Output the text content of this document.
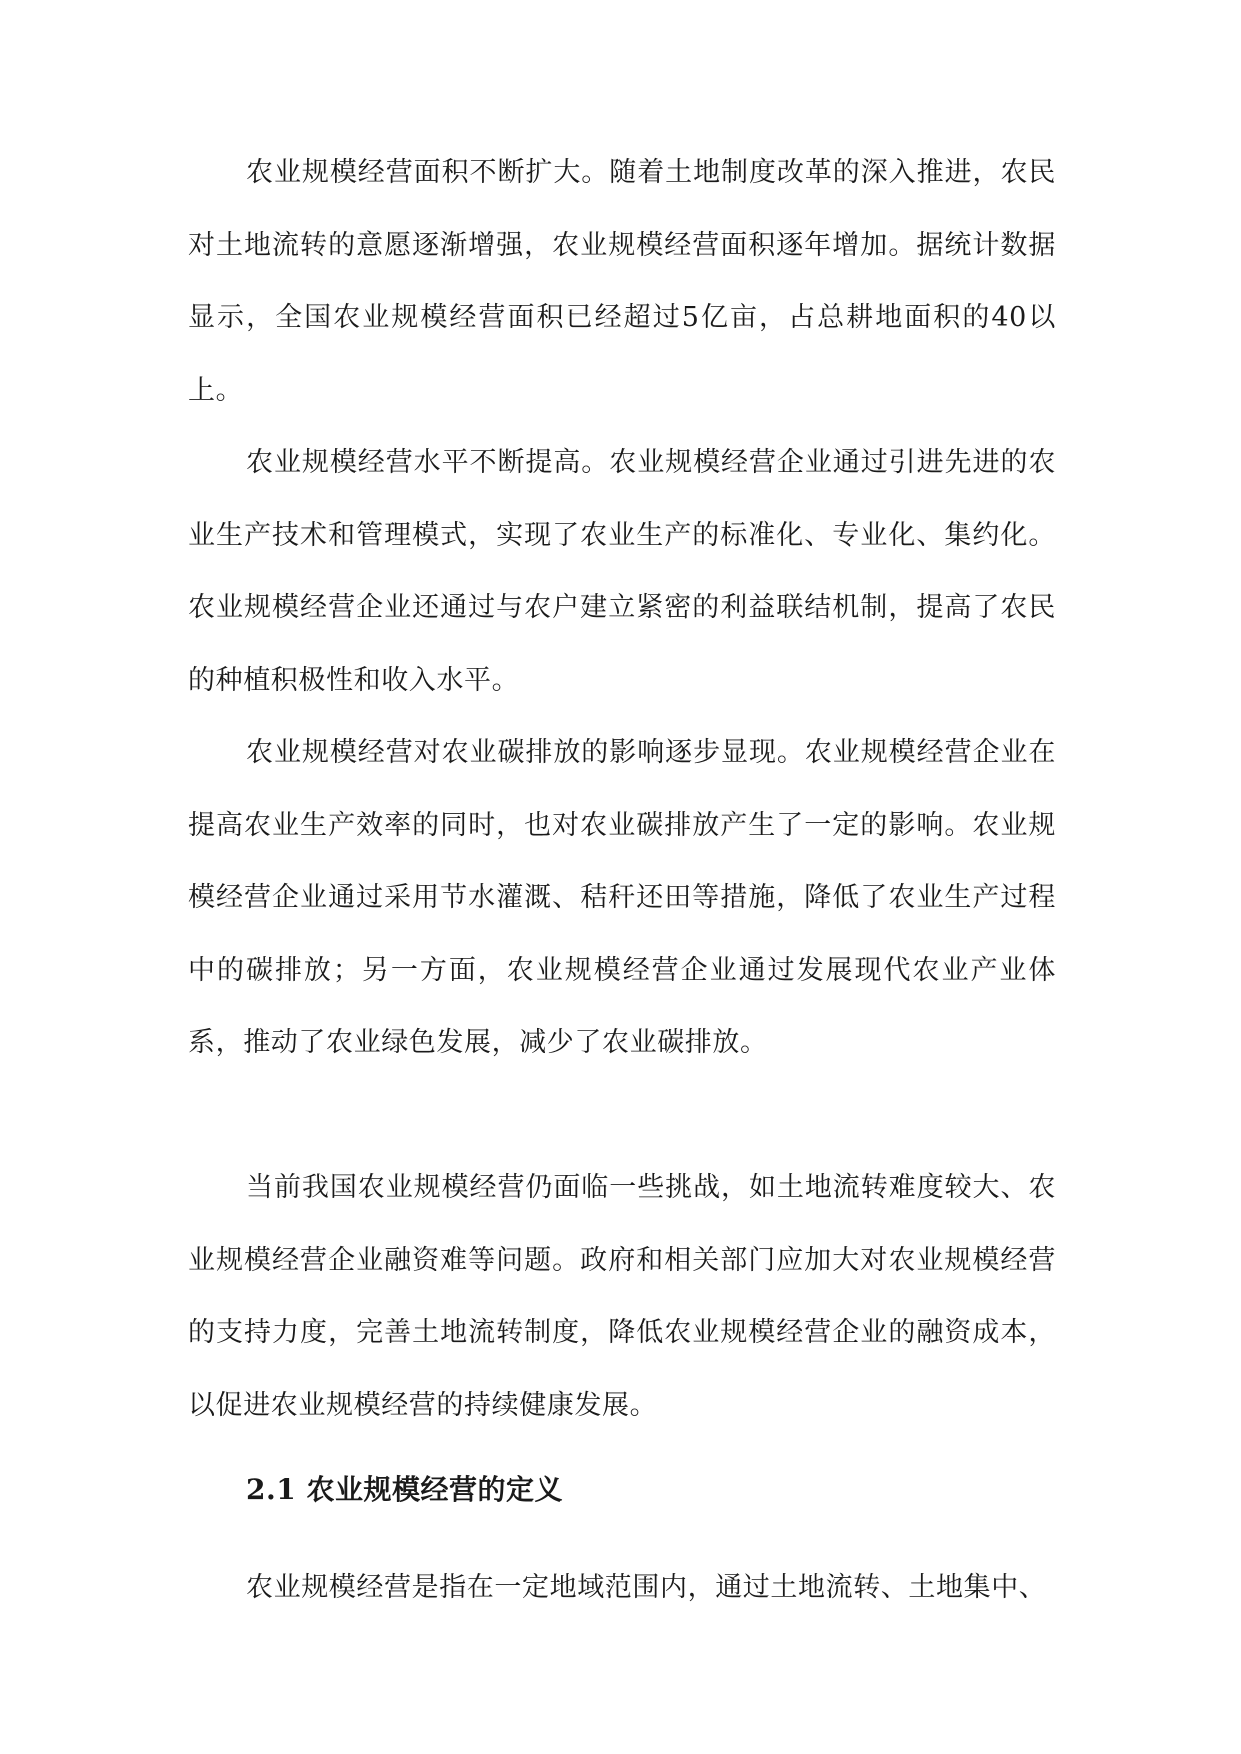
农业规模经营面积不断扩大。随着土地制度改革的深入推进，农民对土地流转的意愿逐渐增强，农业规模经营面积逐年增加。据统计数据显示，全国农业规模经营面积已经超过5亿亩，占总耕地面积的40以上。

农业规模经营水平不断提高。农业规模经营企业通过引进先进的农业生产技术和管理模式，实现了农业生产的标准化、专业化、集约化。农业规模经营企业还通过与农户建立紧密的利益联结机制，提高了农民的种植积极性和收入水平。

农业规模经营对农业碳排放的影响逐步显现。农业规模经营企业在提高农业生产效率的同时，也对农业碳排放产生了一定的影响。农业规模经营企业通过采用节水灌溉、秸秆还田等措施，降低了农业生产过程中的碳排放；另一方面，农业规模经营企业通过发展现代农业产业体系，推动了农业绿色发展，减少了农业碳排放。

当前我国农业规模经营仍面临一些挑战，如土地流转难度较大、农业规模经营企业融资难等问题。政府和相关部门应加大对农业规模经营的支持力度，完善土地流转制度，降低农业规模经营企业的融资成本，以促进农业规模经营的持续健康发展。

2.1 农业规模经营的定义

农业规模经营是指在一定地域范围内，通过土地流转、土地集中、
